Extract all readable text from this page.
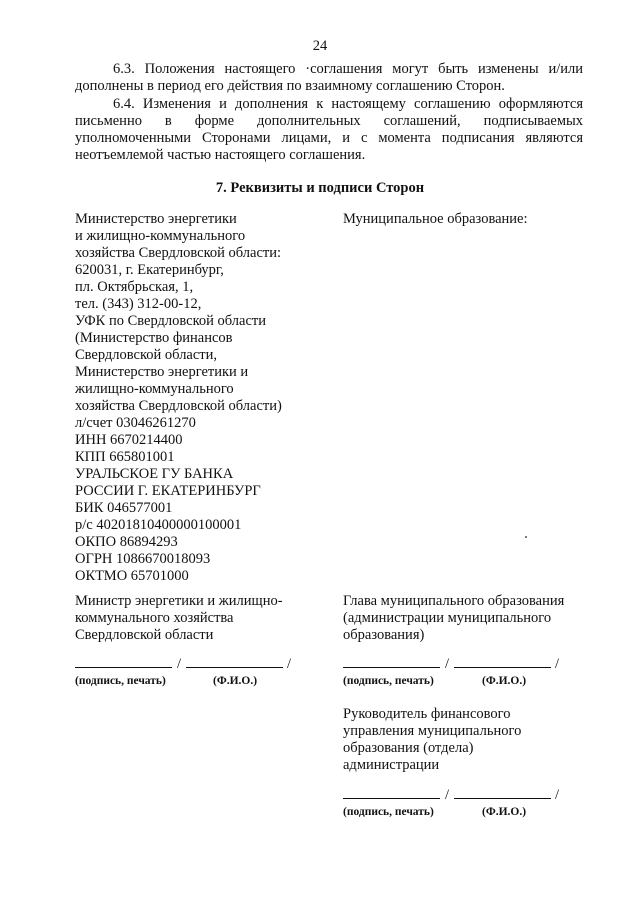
24

6.3. Положения настоящего ·соглашения могут быть изменены и/или дополнены в период его действия по взаимному соглашению Сторон.

6.4. Изменения и дополнения к настоящему соглашению оформляются письменно в форме дополнительных соглашений, подписываемых уполномоченными Сторонами лицами, и с момента подписания являются неотъемлемой частью настоящего соглашения.

7. Реквизиты и подписи Сторон
Министерство энергетики
и жилищно-коммунального
хозяйства Свердловской области:
620031, г. Екатеринбург,
пл. Октябрьская, 1,
тел. (343) 312-00-12,
УФК по Свердловской области
(Министерство финансов
Свердловской области,
Министерство энергетики и
жилищно-коммунального
хозяйства Свердловской области)
л/счет 03046261270
ИНН 6670214400
КПП 665801001
УРАЛЬСКОЕ ГУ БАНКА
РОССИИ Г. ЕКАТЕРИНБУРГ
БИК 046577001
р/с 40201810400000100001
ОКПО 86894293
ОГРН 1086670018093
ОКТМО 65701000
Муниципальное образование:
Министр энергетики и жилищно-
коммунального хозяйства
Свердловской области
/	/
(подпись, печать)	(Ф.И.О.)
Глава муниципального образования
(администрации муниципального
образования)
/	/
(подпись, печать)	(Ф.И.О.)
Руководитель финансового
управления муниципального
образования (отдела)
администрации
/	/
(подпись, печать)	(Ф.И.О.)
